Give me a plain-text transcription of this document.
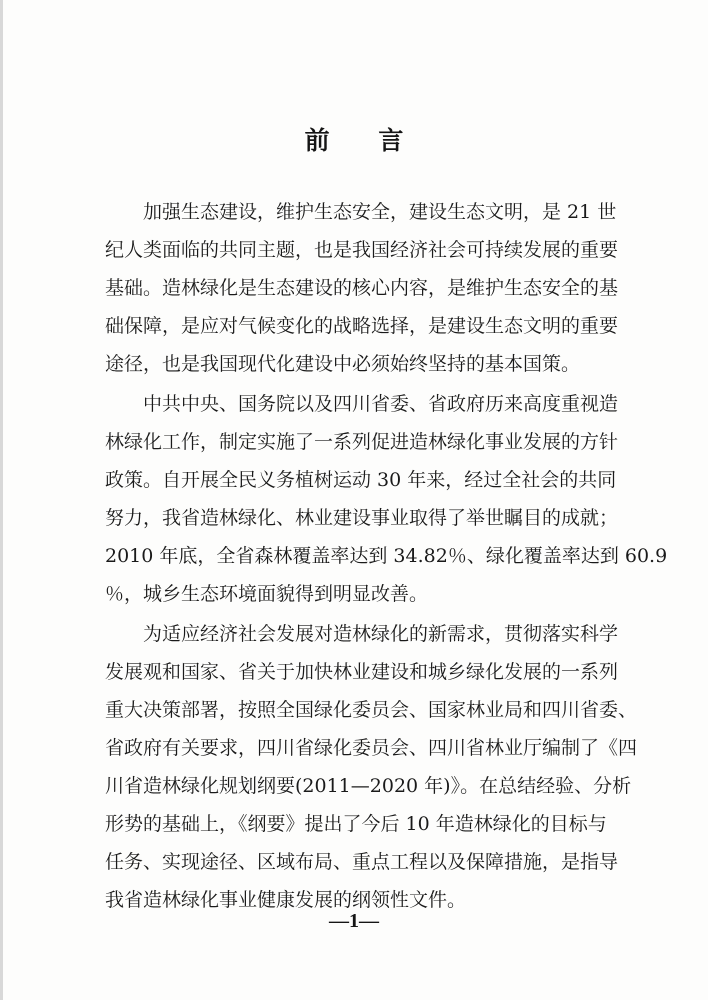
前 言
加强生态建设，维护生态安全，建设生态文明，是 21 世
纪人类面临的共同主题，也是我国经济社会可持续发展的重要
基础。造林绿化是生态建设的核心内容，是维护生态安全的基
础保障，是应对气候变化的战略选择，是建设生态文明的重要
途径，也是我国现代化建设中必须始终坚持的基本国策。
中共中央、国务院以及四川省委、省政府历来高度重视造
林绿化工作，制定实施了一系列促进造林绿化事业发展的方针
政策。自开展全民义务植树运动 30 年来，经过全社会的共同
努力，我省造林绿化、林业建设事业取得了举世瞩目的成就；
2010 年底，全省森林覆盖率达到 34.82％、绿化覆盖率达到 60.9
％，城乡生态环境面貌得到明显改善。
为适应经济社会发展对造林绿化的新需求，贯彻落实科学
发展观和国家、省关于加快林业建设和城乡绿化发展的一系列
重大决策部署，按照全国绿化委员会、国家林业局和四川省委、
省政府有关要求，四川省绿化委员会、四川省林业厅编制了《四
川省造林绿化规划纲要(2011—2020 年)》。在总结经验、分析
形势的基础上，《纲要》提出了今后 10 年造林绿化的目标与
任务、实现途径、区域布局、重点工程以及保障措施，是指导
我省造林绿化事业健康发展的纲领性文件。
—1—
